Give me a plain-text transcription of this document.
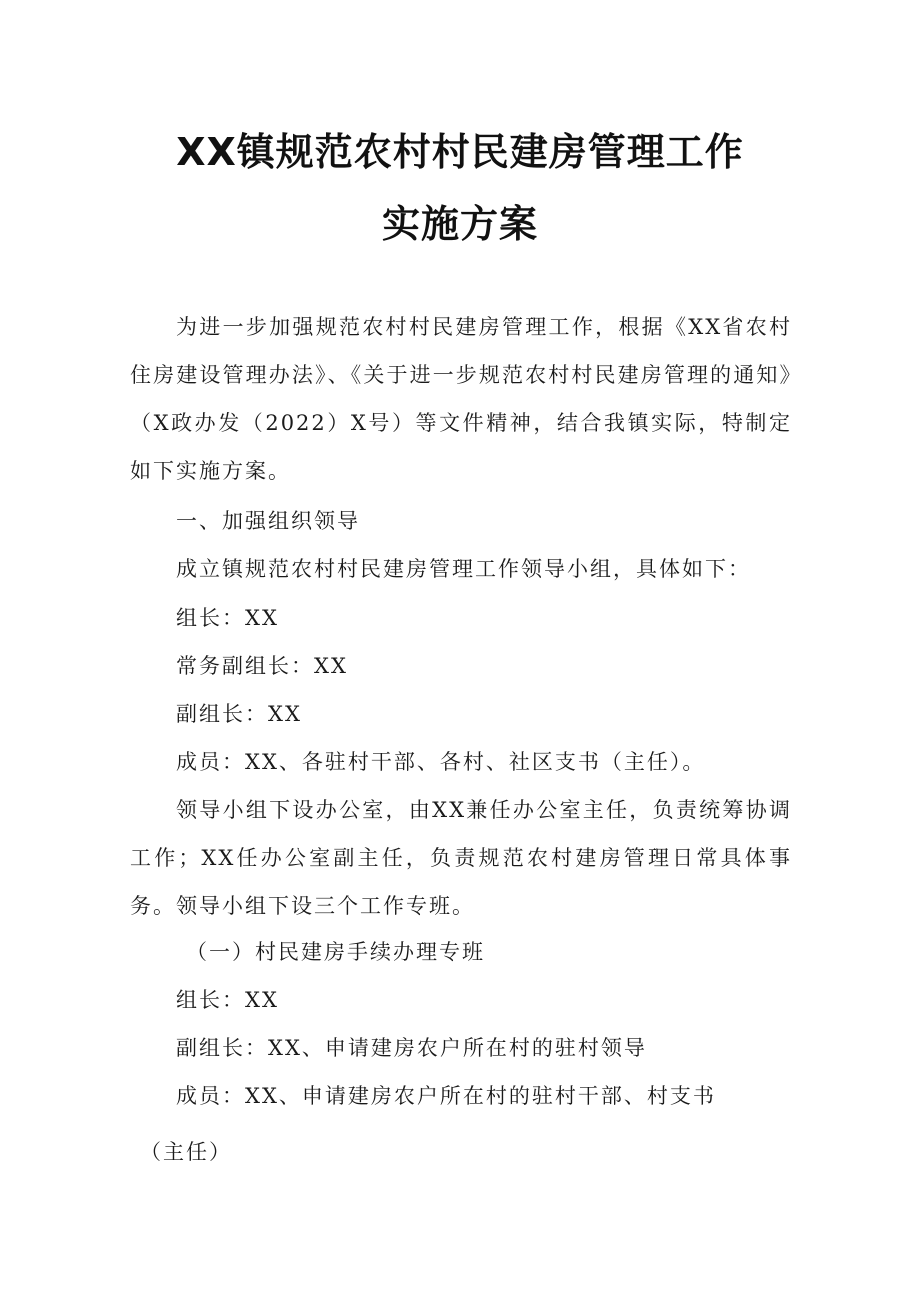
XX镇规范农村村民建房管理工作
实施方案

为进一步加强规范农村村民建房管理工作，根据《XX省农村住房建设管理办法》、《关于进一步规范农村村民建房管理的通知》（X政办发（2022）X号）等文件精神，结合我镇实际，特制定如下实施方案。

一、加强组织领导

成立镇规范农村村民建房管理工作领导小组，具体如下：

组长：XX

常务副组长：XX

副组长：XX

成员：XX、各驻村干部、各村、社区支书（主任）。

领导小组下设办公室，由XX兼任办公室主任，负责统筹协调工作；XX任办公室副主任，负责规范农村建房管理日常具体事务。领导小组下设三个工作专班。

（一）村民建房手续办理专班

组长：XX

副组长：XX、申请建房农户所在村的驻村领导

成员：XX、申请建房农户所在村的驻村干部、村支书

（主任）
